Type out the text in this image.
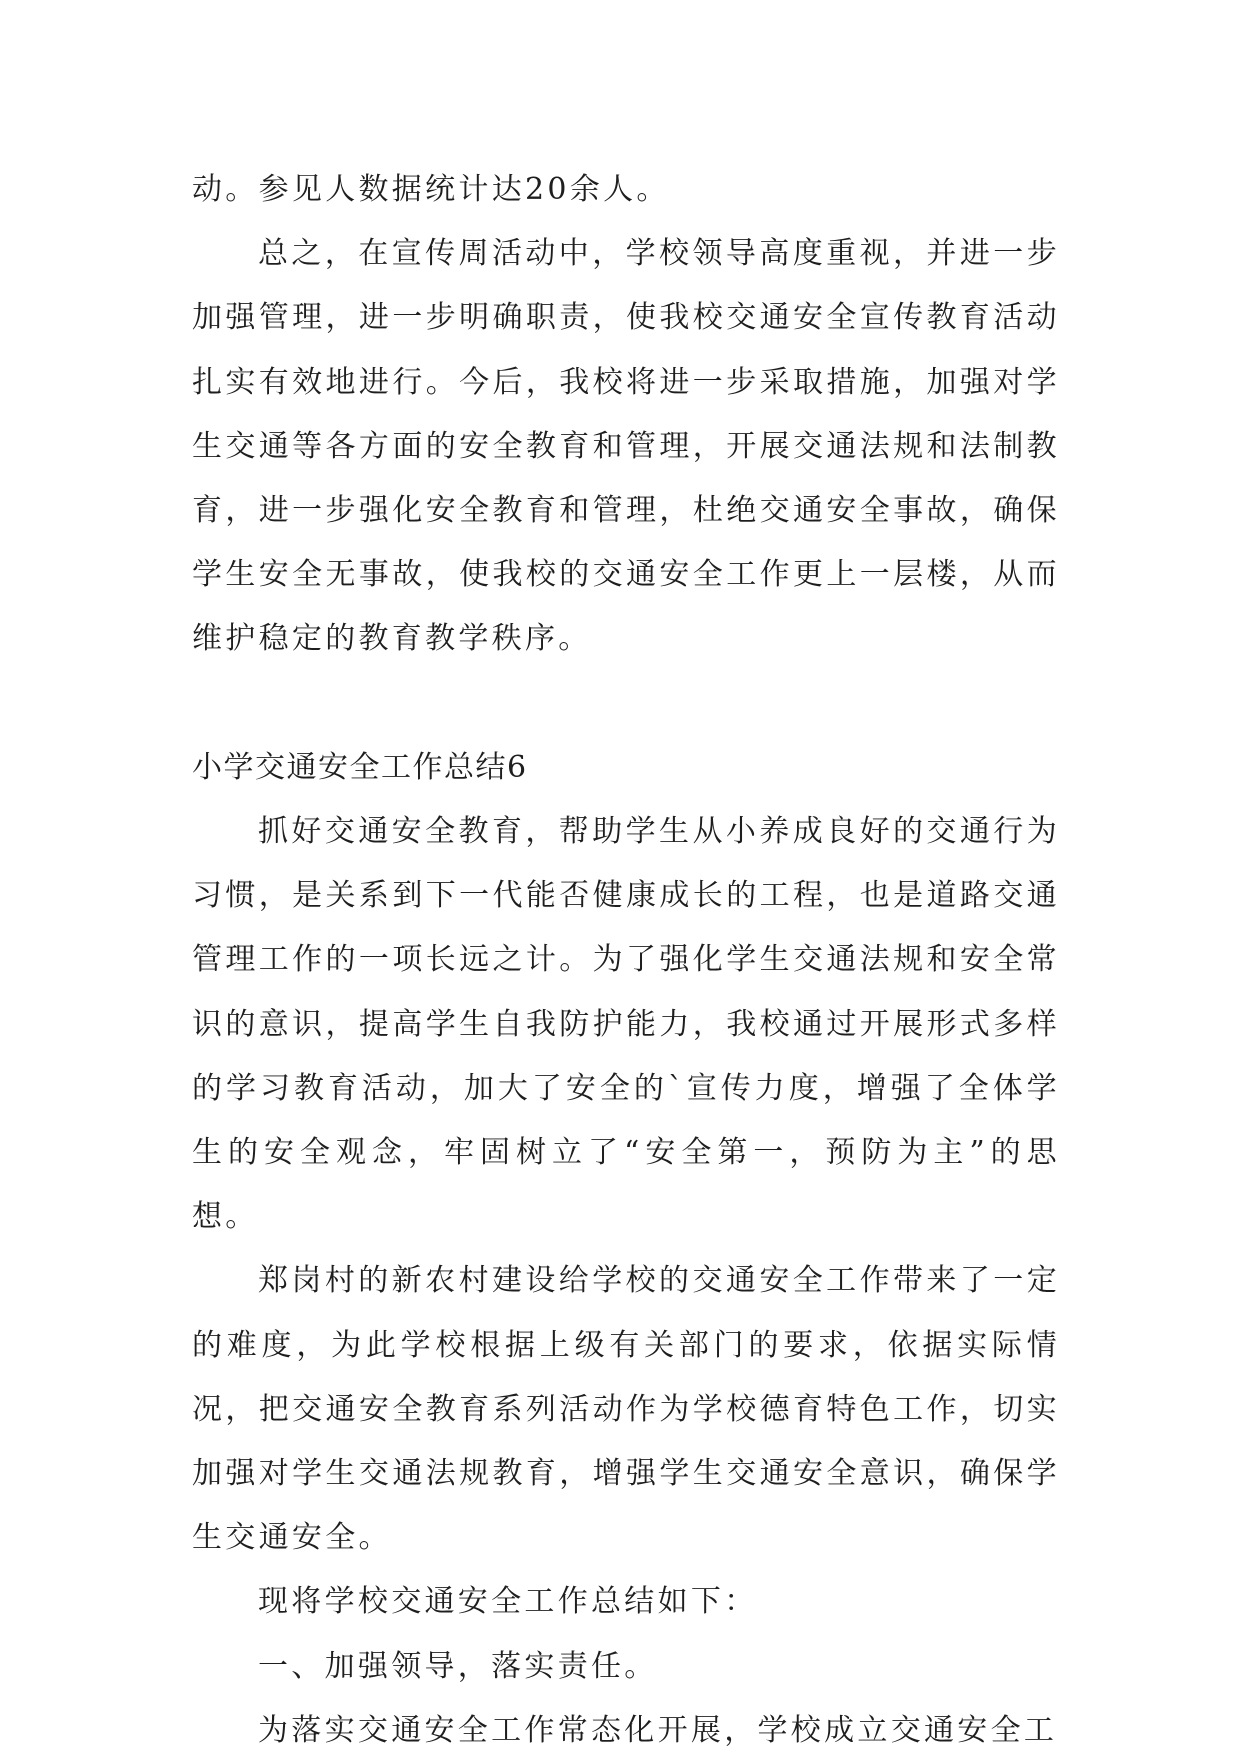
动。参见人数据统计达20余人。

总之，在宣传周活动中，学校领导高度重视，并进一步加强管理，进一步明确职责，使我校交通安全宣传教育活动扎实有效地进行。今后，我校将进一步采取措施，加强对学生交通等各方面的安全教育和管理，开展交通法规和法制教育，进一步强化安全教育和管理，杜绝交通安全事故，确保学生安全无事故，使我校的交通安全工作更上一层楼，从而维护稳定的教育教学秩序。

小学交通安全工作总结6

抓好交通安全教育，帮助学生从小养成良好的交通行为习惯，是关系到下一代能否健康成长的工程，也是道路交通管理工作的一项长远之计。为了强化学生交通法规和安全常识的意识，提高学生自我防护能力，我校通过开展形式多样的学习教育活动，加大了安全的`宣传力度，增强了全体学生的安全观念，牢固树立了“安全第一，预防为主”的思想。

郑岗村的新农村建设给学校的交通安全工作带来了一定的难度，为此学校根据上级有关部门的要求，依据实际情况，把交通安全教育系列活动作为学校德育特色工作，切实加强对学生交通法规教育，增强学生交通安全意识，确保学生交通安全。

现将学校交通安全工作总结如下：

一、加强领导，落实责任。

为落实交通安全工作常态化开展，学校成立交通安全工
